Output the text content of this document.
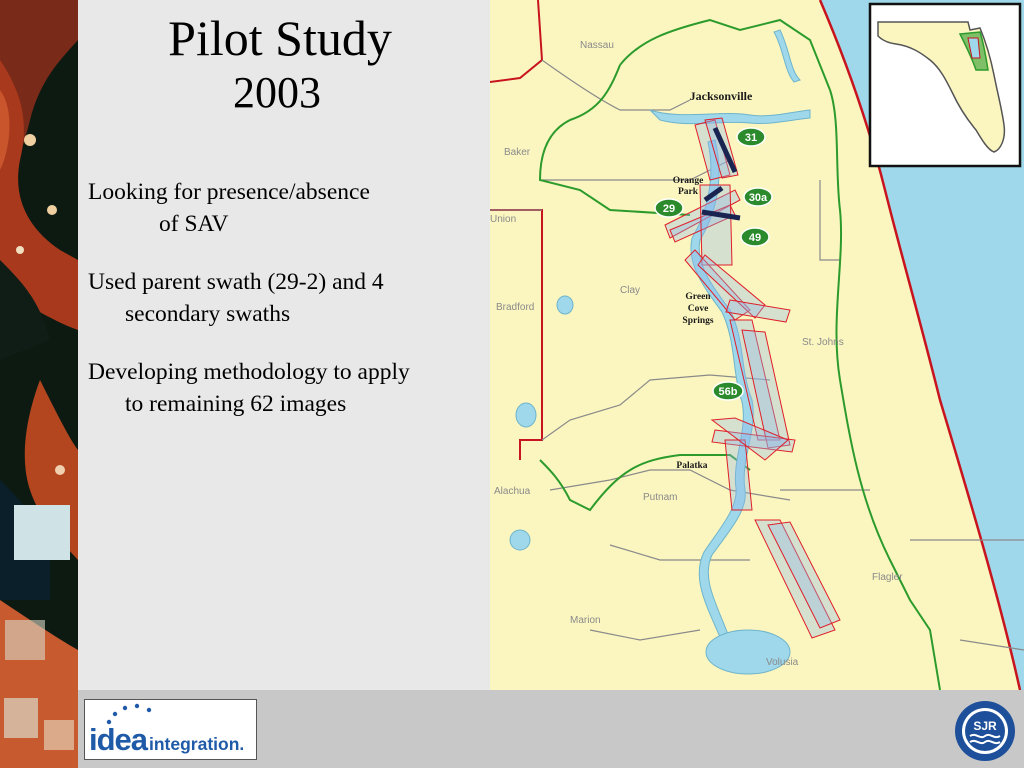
Pilot Study
2003
Looking for presence/absence
of SAV
Used parent swath (29-2) and 4
secondary swaths
Developing methodology to apply
to remaining 62 images
Nassau
Baker
Union
Bradford
Clay
St. Johns
Alachua
Putnam
Flagler
Marion
Volusia
Jacksonville
Orange
Park
Green
Cove
Springs
Palatka
31
30a
29
49
56b
idea integration.
SJR
